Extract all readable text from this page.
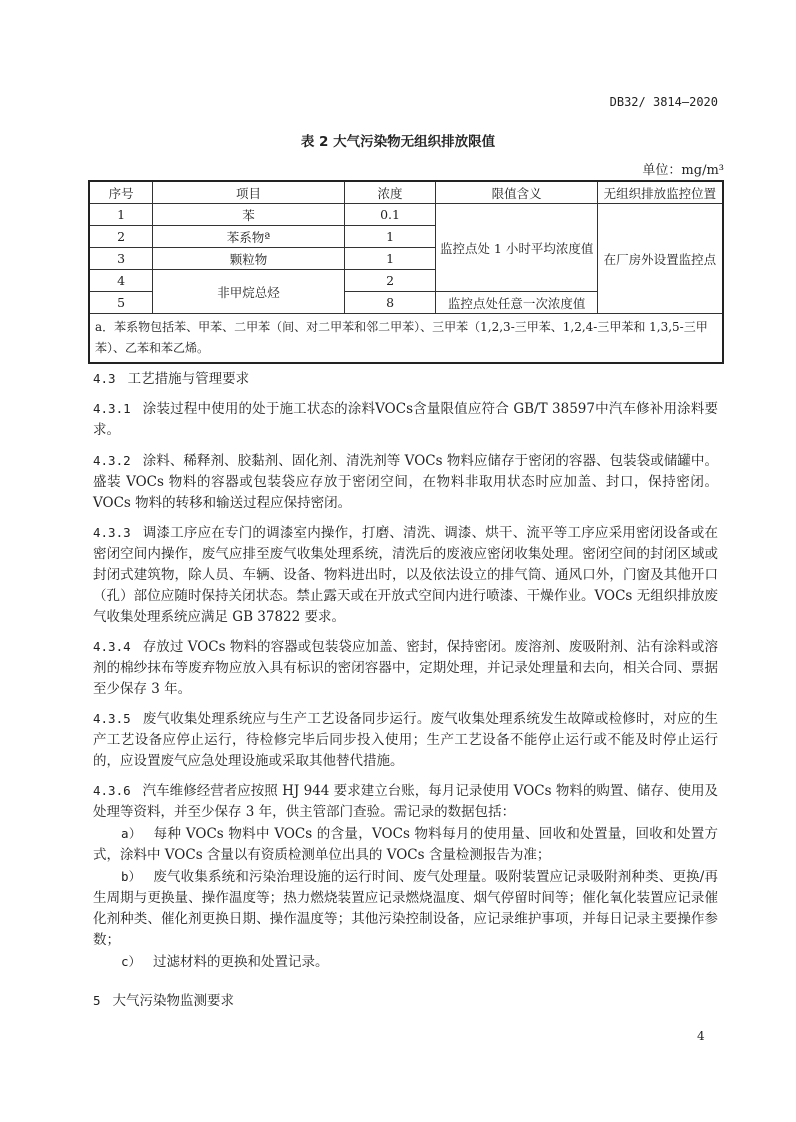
DB32/ 3814—2020
表 2 大气污染物无组织排放限值
单位：mg/m³
序号	项目	浓度	限值含义	无组织排放监控位置
1	苯	0.1	监控点处 1 小时平均浓度值	在厂房外设置监控点
2	苯系物ª	1		
3	颗粒物	1		
4	非甲烷总烃	2		
5		8	监控点处任意一次浓度值	
a．苯系物包括苯、甲苯、二甲苯（间、对二甲苯和邻二甲苯）、三甲苯（1,2,3-三甲苯、1,2,4-三甲苯和 1,3,5-三甲苯）、乙苯和苯乙烯。				
4.3 工艺措施与管理要求
4.3.1 涂装过程中使用的处于施工状态的涂料VOCs含量限值应符合 GB/T 38597中汽车修补用涂料要求。
4.3.2 涂料、稀释剂、胶黏剂、固化剂、清洗剂等 VOCs 物料应储存于密闭的容器、包装袋或储罐中。盛装 VOCs 物料的容器或包装袋应存放于密闭空间，在物料非取用状态时应加盖、封口，保持密闭。VOCs 物料的转移和输送过程应保持密闭。
4.3.3 调漆工序应在专门的调漆室内操作，打磨、清洗、调漆、烘干、流平等工序应采用密闭设备或在密闭空间内操作，废气应排至废气收集处理系统，清洗后的废液应密闭收集处理。密闭空间的封闭区域或封闭式建筑物，除人员、车辆、设备、物料进出时，以及依法设立的排气筒、通风口外，门窗及其他开口（孔）部位应随时保持关闭状态。禁止露天或在开放式空间内进行喷漆、干燥作业。VOCs 无组织排放废气收集处理系统应满足 GB 37822 要求。
4.3.4 存放过 VOCs 物料的容器或包装袋应加盖、密封，保持密闭。废溶剂、废吸附剂、沾有涂料或溶剂的棉纱抹布等废弃物应放入具有标识的密闭容器中，定期处理，并记录处理量和去向，相关合同、票据至少保存 3 年。
4.3.5 废气收集处理系统应与生产工艺设备同步运行。废气收集处理系统发生故障或检修时，对应的生产工艺设备应停止运行，待检修完毕后同步投入使用；生产工艺设备不能停止运行或不能及时停止运行的，应设置废气应急处理设施或采取其他替代措施。
4.3.6 汽车维修经营者应按照 HJ 944 要求建立台账，每月记录使用 VOCs 物料的购置、储存、使用及处理等资料，并至少保存 3 年，供主管部门查验。需记录的数据包括：
a） 每种 VOCs 物料中 VOCs 的含量，VOCs 物料每月的使用量、回收和处置量，回收和处置方式，涂料中 VOCs 含量以有资质检测单位出具的 VOCs 含量检测报告为准；
b） 废气收集系统和污染治理设施的运行时间、废气处理量。吸附装置应记录吸附剂种类、更换/再生周期与更换量、操作温度等；热力燃烧装置应记录燃烧温度、烟气停留时间等；催化氧化装置应记录催化剂种类、催化剂更换日期、操作温度等；其他污染控制设备，应记录维护事项，并每日记录主要操作参数；
c） 过滤材料的更换和处置记录。
5 大气污染物监测要求
4
